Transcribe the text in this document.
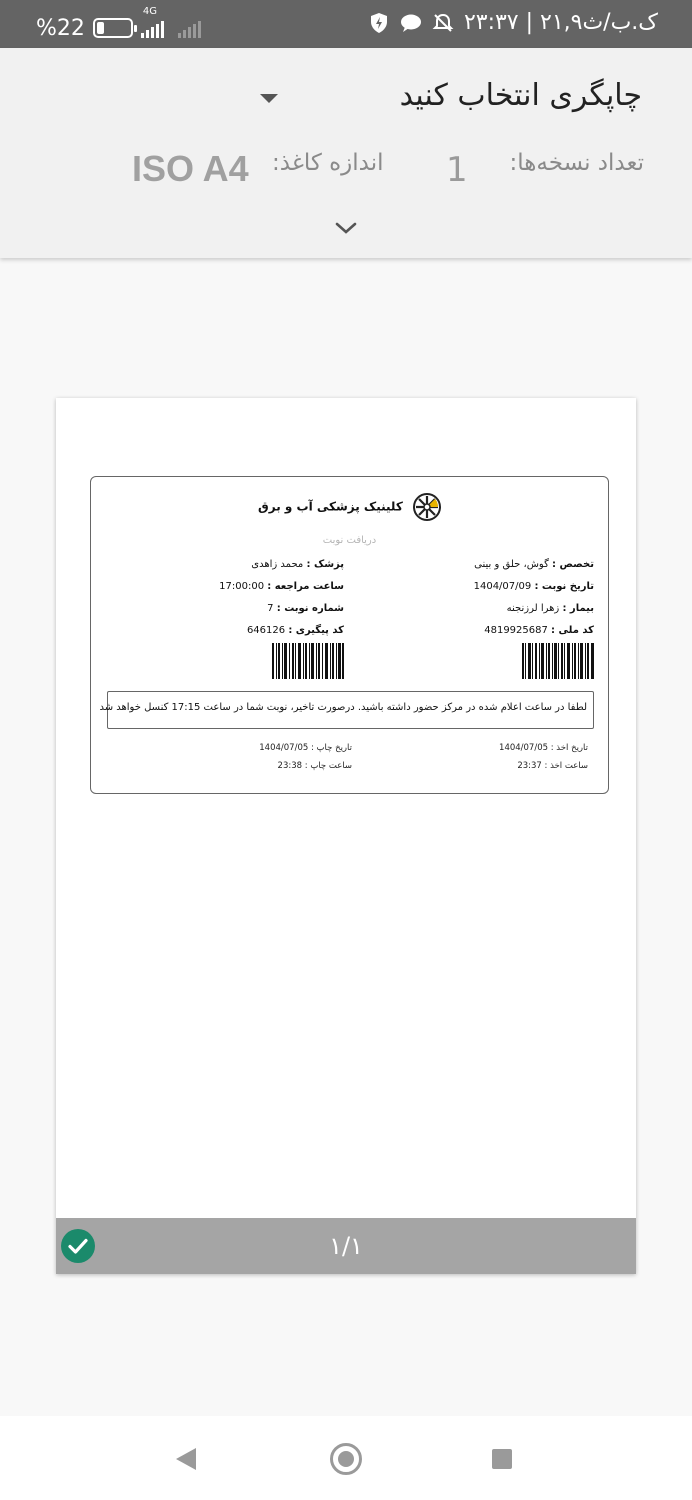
%22
4G	۲۳:۳۷ | ۲۱,۹ک.ب/ث
چاپگری انتخاب کنید
تعداد نسخه‌ها:
1
اندازه کاغذ:
ISO A4
کلینیک پزشکی آب و برق
دریافت نوبت
تخصص : گوش، حلق و بینی
تاریخ نوبت : 1404/07/09
بیمار : زهرا لرزنجنه
کد ملی : 4819925687
پزشک : محمد زاهدی
ساعت مراجعه : 17:00:00
شماره نوبت : 7
کد پیگیری : 646126
لطفا در ساعت اعلام شده در مرکز حضور داشته باشید. درصورت تاخیر، نوبت شما در ساعت 17:15 کنسل خواهد شد
تاریخ اخذ : 1404/07/05
ساعت اخذ : 23:37
تاریخ چاپ : 1404/07/05
ساعت چاپ : 23:38
۱/۱
